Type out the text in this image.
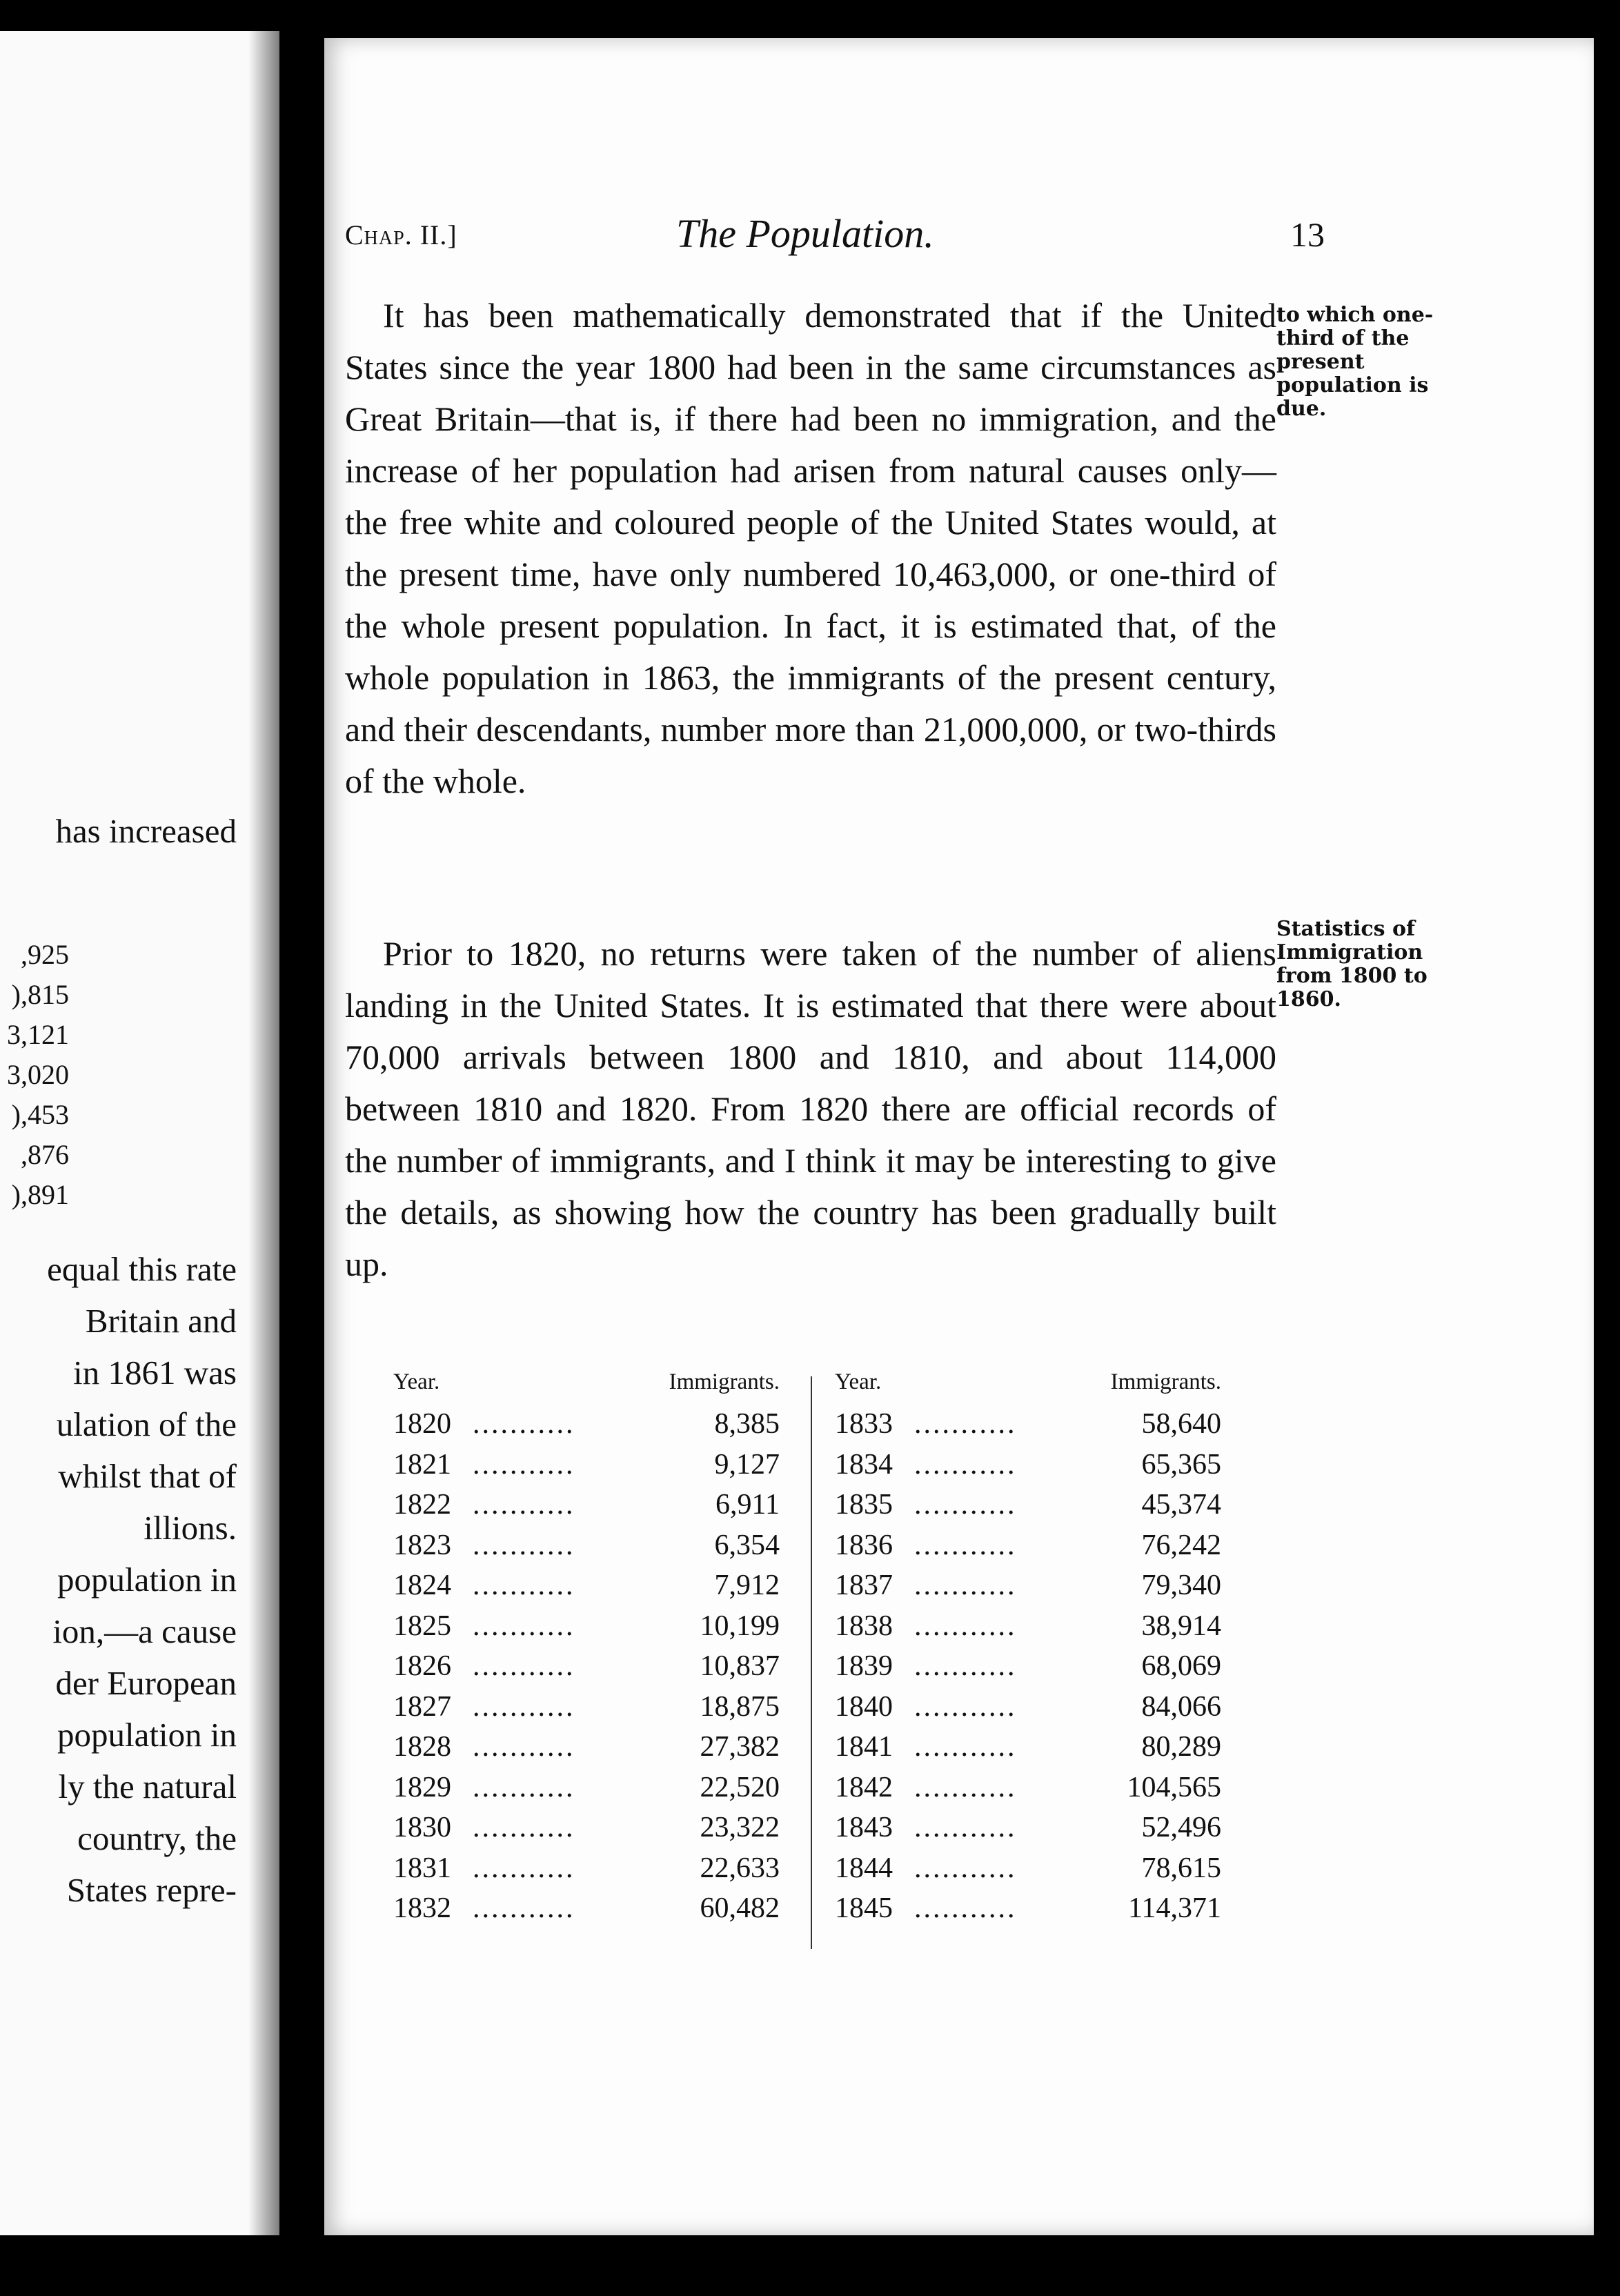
has increased
,925
),815
3,121
3,020
),453
,876
),891
equal this rate
Britain and
in 1861 was
ulation of the
whilst that of
illions.
population in
ion,—a cause
der European
population in
ly the natural
country, the
States repre-
Chap. II.]	The Population.	13

It has been mathematically demonstrated that if the United States since the year 1800 had been in the same circumstances as Great Britain—that is, if there had been no immigration, and the increase of her population had arisen from natural causes only—the free white and coloured people of the United States would, at the present time, have only numbered 10,463,000, or one-third of the whole present population. In fact, it is estimated that, of the whole population in 1863, the immigrants of the present century, and their descendants, number more than 21,000,000, or two-thirds of the whole.

Prior to 1820, no returns were taken of the number of aliens landing in the United States. It is estimated that there were about 70,000 arrivals between 1800 and 1810, and about 114,000 between 1810 and 1820. From 1820 there are official records of the number of immigrants, and I think it may be interesting to give the details, as showing how the country has been gradually built up.

to which one-third of the present population is due.

Statistics of Immigration from 1800 to 1860.

Year.	Immigrants.
1820 ...........	8,385
1821 ...........	9,127
1822 ...........	6,911
1823 ...........	6,354
1824 ...........	7,912
1825 ...........	10,199
1826 ...........	10,837
1827 ...........	18,875
1828 ...........	27,382
1829 ...........	22,520
1830 ...........	23,322
1831 ...........	22,633
1832 ...........	60,482
Year.	Immigrants.
1833 ...........	58,640
1834 ...........	65,365
1835 ...........	45,374
1836 ...........	76,242
1837 ...........	79,340
1838 ...........	38,914
1839 ...........	68,069
1840 ...........	84,066
1841 ...........	80,289
1842 ...........	104,565
1843 ...........	52,496
1844 ...........	78,615
1845 ...........	114,371
